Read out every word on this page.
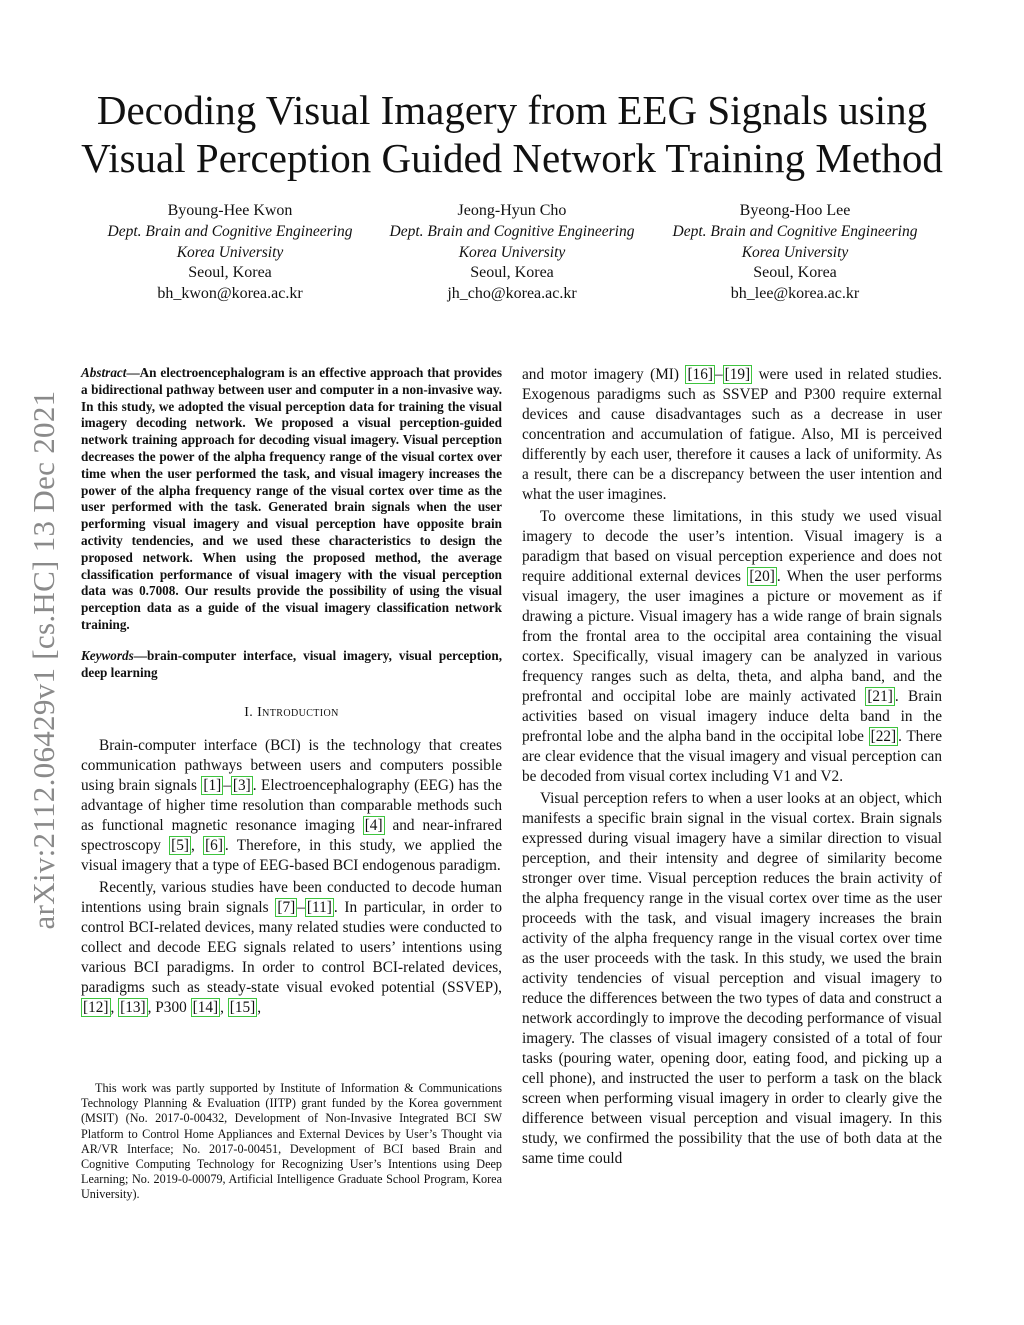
arXiv:2112.06429v1 [cs.HC] 13 Dec 2021
Decoding Visual Imagery from EEG Signals using
Visual Perception Guided Network Training Method
Byoung-Hee Kwon
Dept. Brain and Cognitive Engineering
Korea University
Seoul, Korea
bh_kwon@korea.ac.kr
Jeong-Hyun Cho
Dept. Brain and Cognitive Engineering
Korea University
Seoul, Korea
jh_cho@korea.ac.kr
Byeong-Hoo Lee
Dept. Brain and Cognitive Engineering
Korea University
Seoul, Korea
bh_lee@korea.ac.kr

Abstract—An electroencephalogram is an effective approach that provides a bidirectional pathway between user and computer in a non-invasive way. In this study, we adopted the visual perception data for training the visual imagery decoding network. We proposed a visual perception-guided network training approach for decoding visual imagery. Visual perception decreases the power of the alpha frequency range of the visual cortex over time when the user performed the task, and visual imagery increases the power of the alpha frequency range of the visual cortex over time as the user performed with the task. Generated brain signals when the user performing visual imagery and visual perception have opposite brain activity tendencies, and we used these characteristics to design the proposed network. When using the proposed method, the average classification performance of visual imagery with the visual perception data was 0.7008. Our results provide the possibility of using the visual perception data as a guide of the visual imagery classification network training.

Keywords—brain-computer interface, visual imagery, visual perception, deep learning

I. Introduction

Brain-computer interface (BCI) is the technology that creates communication pathways between users and computers possible using brain signals [1] – [3] . Electroencephalography (EEG) has the advantage of higher time resolution than comparable methods such as functional magnetic resonance imaging [4] and near-infrared spectroscopy [5] , [6] . Therefore, in this study, we applied the visual imagery that a type of EEG-based BCI endogenous paradigm.

Recently, various studies have been conducted to decode human intentions using brain signals [7] – [11] . In particular, in order to control BCI-related devices, many related studies were conducted to collect and decode EEG signals related to users’ intentions using various BCI paradigms. In order to control BCI-related devices, paradigms such as steady-state visual evoked potential (SSVEP), [12] , [13] , P300 [14] , [15] ,

This work was partly supported by Institute of Information & Communications Technology Planning & Evaluation (IITP) grant funded by the Korea government (MSIT) (No. 2017-0-00432, Development of Non-Invasive Integrated BCI SW Platform to Control Home Appliances and External Devices by User’s Thought via AR/VR Interface; No. 2017-0-00451, Development of BCI based Brain and Cognitive Computing Technology for Recognizing User’s Intentions using Deep Learning; No. 2019-0-00079, Artificial Intelligence Graduate School Program, Korea University).

and motor imagery (MI) [16] – [19] were used in related studies. Exogenous paradigms such as SSVEP and P300 require external devices and cause disadvantages such as a decrease in user concentration and accumulation of fatigue. Also, MI is perceived differently by each user, therefore it causes a lack of uniformity. As a result, there can be a discrepancy between the user intention and what the user imagines.

To overcome these limitations, in this study we used visual imagery to decode the user’s intention. Visual imagery is a paradigm that based on visual perception experience and does not require additional external devices [20] . When the user performs visual imagery, the user imagines a picture or movement as if drawing a picture. Visual imagery has a wide range of brain signals from the frontal area to the occipital area containing the visual cortex. Specifically, visual imagery can be analyzed in various frequency ranges such as delta, theta, and alpha band, and the prefrontal and occipital lobe are mainly activated [21] . Brain activities based on visual imagery induce delta band in the prefrontal lobe and the alpha band in the occipital lobe [22] . There are clear evidence that the visual imagery and visual perception can be decoded from visual cortex including V1 and V2.

Visual perception refers to when a user looks at an object, which manifests a specific brain signal in the visual cortex. Brain signals expressed during visual imagery have a similar direction to visual perception, and their intensity and degree of similarity become stronger over time. Visual perception reduces the brain activity of the alpha frequency range in the visual cortex over time as the user proceeds with the task, and visual imagery increases the brain activity of the alpha frequency range in the visual cortex over time as the user proceeds with the task. In this study, we used the brain activity tendencies of visual perception and visual imagery to reduce the differences between the two types of data and construct a network accordingly to improve the decoding performance of visual imagery. The classes of visual imagery consisted of a total of four tasks (pouring water, opening door, eating food, and picking up a cell phone), and instructed the user to perform a task on the black screen when performing visual imagery in order to clearly give the difference between visual perception and visual imagery. In this study, we confirmed the possibility that the use of both data at the same time could
